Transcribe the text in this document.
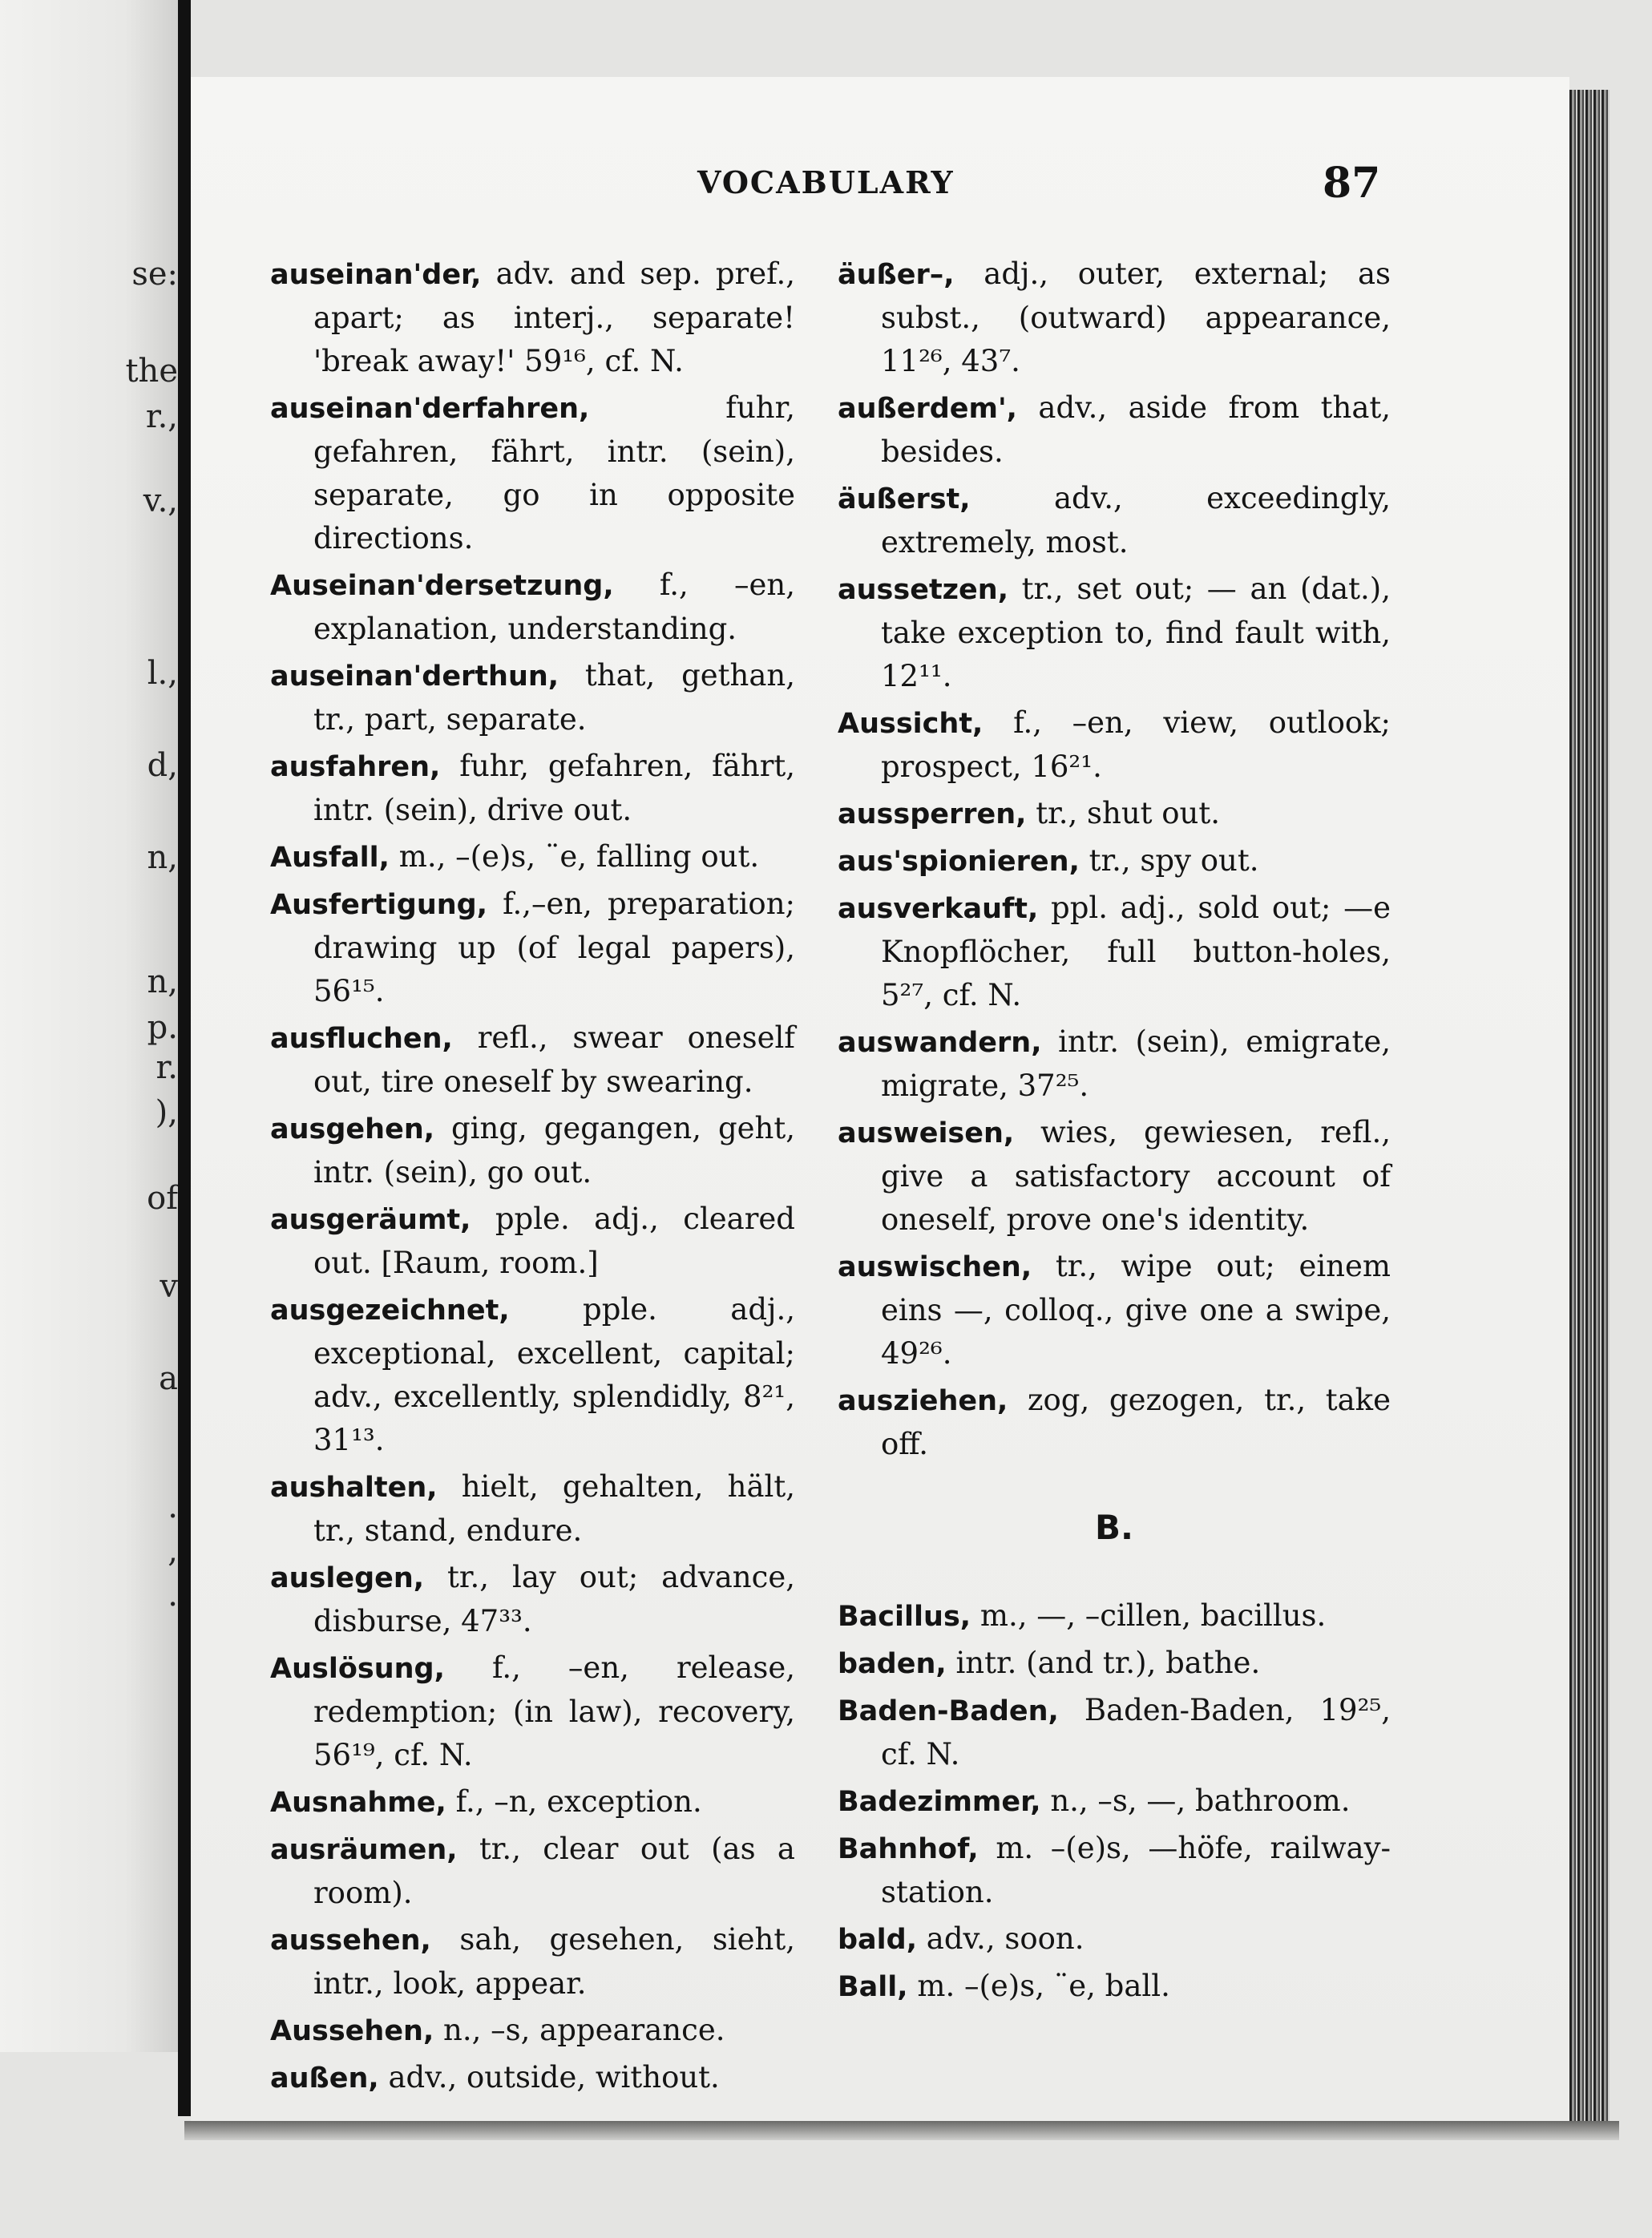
se:
the
r.,
v.,
l.,
d,
n,
n,
p.
r.
),
of
v
a
.
,
.
VOCABULARY	87
auseinan'der, adv. and sep. pref., apart; as interj., separate! 'break away!' 59¹⁶, cf. N.
auseinan'derfahren,	fuhr, gefahren, fährt, intr. (sein), separate, go in opposite directions.
Auseinan'dersetzung, f., –en, explanation, understanding.
auseinan'derthun, that, gethan, tr., part, separate.
ausfahren, fuhr, gefahren, fährt, intr. (sein), drive out.
Ausfall, m., –(e)s, ¨e, falling out.
Ausfertigung, f.,–en, preparation; drawing up (of legal papers), 56¹⁵.
ausfluchen, refl., swear oneself out, tire oneself by swearing.
ausgehen, ging, gegangen, geht, intr. (sein), go out.
ausgeräumt, pple. adj., cleared out. [Raum, room.]
ausgezeichnet, pple. adj., exceptional, excellent, capital; adv., excellently, splendidly, 8²¹, 31¹³.
aushalten, hielt, gehalten, hält, tr., stand, endure.
auslegen, tr., lay out; advance, disburse, 47³³.
Auslösung, f., –en, release, redemption; (in law), recovery, 56¹⁹, cf. N.
Ausnahme, f., –n, exception.
ausräumen, tr., clear out (as a room).
aussehen, sah, gesehen, sieht, intr., look, appear.
Aussehen, n., –s, appearance.
außen, adv., outside, without.
äußer–, adj., outer, external; as subst., (outward) appearance, 11²⁶, 43⁷.
außerdem', adv., aside from that, besides.
äußerst,	adv., exceedingly, extremely, most.
aussetzen, tr., set out; — an (dat.), take exception to, find fault with, 12¹¹.
Aussicht, f., –en, view, outlook; prospect, 16²¹.
aussperren, tr., shut out.
aus'spionieren, tr., spy out.
ausverkauft, ppl. adj., sold out; —e Knopflöcher, full button-holes, 5²⁷, cf. N.
auswandern, intr. (sein), emigrate, migrate, 37²⁵.
ausweisen, wies, gewiesen, refl., give a satisfactory account of oneself, prove one's identity.
auswischen, tr., wipe out; einem eins —, colloq., give one a swipe, 49²⁶.
ausziehen, zog, gezogen, tr., take off.
B.
Bacillus, m., —, –cillen, bacillus.
baden, intr. (and tr.), bathe.
Baden-Baden, Baden-Baden, 19²⁵, cf. N.
Badezimmer, n., –s, —, bathroom.
Bahnhof, m. –(e)s, —höfe, railway-station.
bald, adv., soon.
Ball, m. –(e)s, ¨e, ball.
